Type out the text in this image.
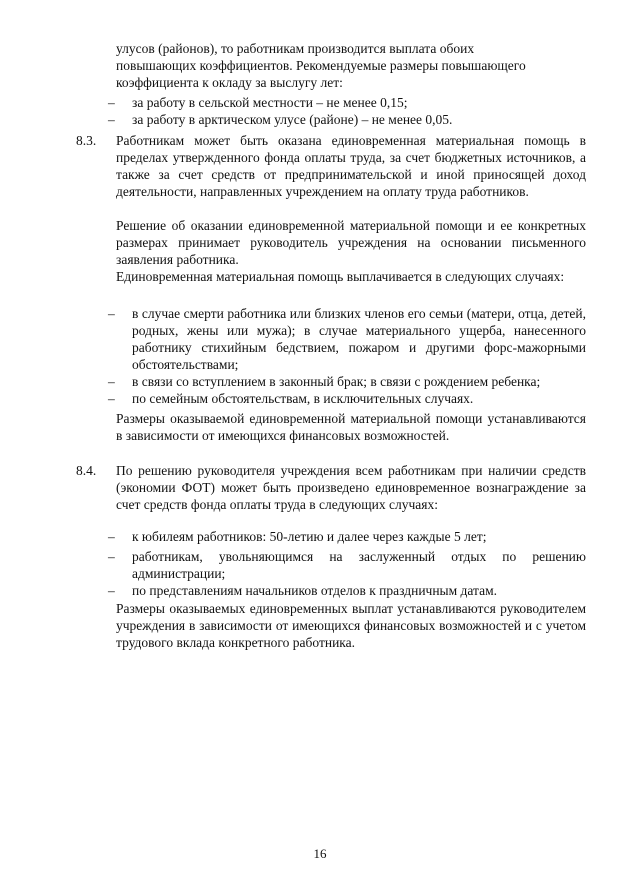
улусов (районов), то работникам производится выплата обоих
повышающих коэффициентов. Рекомендуемые размеры повышающего
коэффициента к окладу за выслугу лет:
– за работу в сельской местности – не менее 0,15;
– за работу в арктическом улусе (районе) – не менее 0,05.
8.3. Работникам может быть оказана единовременная материальная помощь в пределах утвержденного фонда оплаты труда, за счет бюджетных источников, а также за счет средств от предпринимательской и иной приносящей доход деятельности, направленных учреждением на оплату труда работников.
Решение об оказании единовременной материальной помощи и ее конкретных размерах принимает руководитель учреждения на основании письменного заявления работника.
Единовременная материальная помощь выплачивается в следующих случаях:
– в случае смерти работника или близких членов его семьи (матери, отца, детей, родных, жены или мужа); в случае материального ущерба, нанесенного работнику стихийным бедствием, пожаром и другими форс-мажорными обстоятельствами;
– в связи со вступлением в законный брак; в связи с рождением ребенка;
– по семейным обстоятельствам, в исключительных случаях.
Размеры оказываемой единовременной материальной помощи устанавливаются в зависимости от имеющихся финансовых возможностей.
8.4. По решению руководителя учреждения всем работникам при наличии средств (экономии ФОТ) может быть произведено единовременное вознаграждение за счет средств фонда оплаты труда в следующих случаях:
– к юбилеям работников: 50-летию и далее через каждые 5 лет;
– работникам, увольняющимся на заслуженный отдых по решению администрации;
– по представлениям начальников отделов к праздничным датам.
Размеры оказываемых единовременных выплат устанавливаются руководителем учреждения в зависимости от имеющихся финансовых возможностей и с учетом трудового вклада конкретного работника.
16
